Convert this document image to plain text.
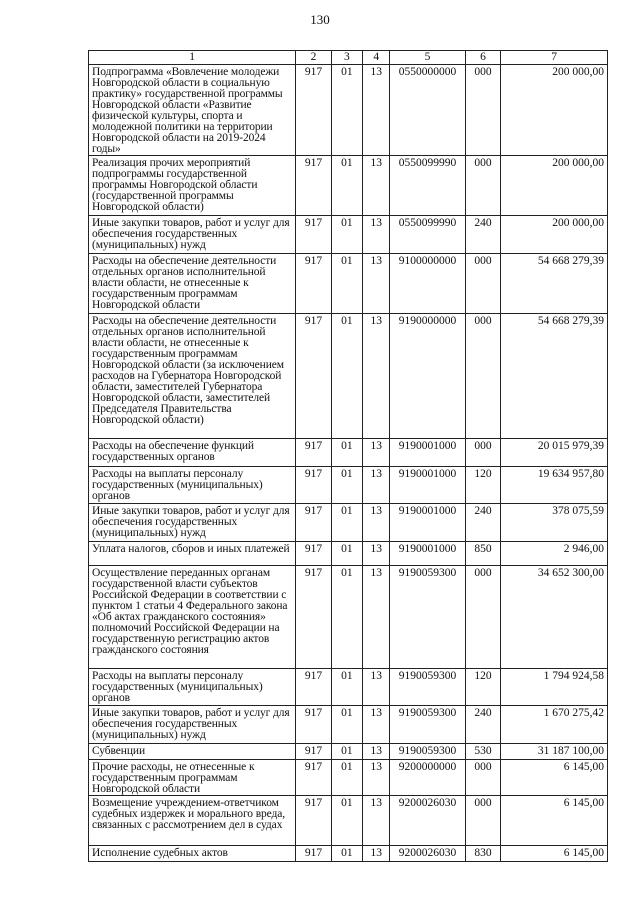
130
1	2	3	4	5	6	7
Подпрограмма «Вовлечение молодежи Новгородской области в социальную практику» государственной программы Новгородской области «Развитие физической культуры, спорта и молодежной политики на территории Новгородской области на 2019-2024 годы»	917	01	13	0550000000	000	200 000,00
Реализация прочих мероприятий подпрограммы государственной программы Новгородской области (государственной программы Новгородской области)	917	01	13	0550099990	000	200 000,00
Иные закупки товаров, работ и услуг для обеспечения государственных (муниципальных) нужд	917	01	13	0550099990	240	200 000,00
Расходы на обеспечение деятельности отдельных органов исполнительной власти области, не отнесенные к государственным программам Новгородской области	917	01	13	9100000000	000	54 668 279,39
Расходы на обеспечение деятельности отдельных органов исполнительной власти области, не отнесенные к государственным программам Новгородской области (за исключением расходов на Губернатора Новгородской области, заместителей Губернатора Новгородской области, заместителей Председателя Правительства Новгородской области)	917	01	13	9190000000	000	54 668 279,39
Расходы на обеспечение функций государственных органов	917	01	13	9190001000	000	20 015 979,39
Расходы на выплаты персоналу государственных (муниципальных) органов	917	01	13	9190001000	120	19 634 957,80
Иные закупки товаров, работ и услуг для обеспечения государственных (муниципальных) нужд	917	01	13	9190001000	240	378 075,59
Уплата налогов, сборов и иных платежей	917	01	13	9190001000	850	2 946,00
Осуществление переданных органам государственной власти субъектов Российской Федерации в соответствии с пунктом 1 статьи 4 Федерального закона «Об актах гражданского состояния» полномочий Российской Федерации на государственную регистрацию актов гражданского состояния	917	01	13	9190059300	000	34 652 300,00
Расходы на выплаты персоналу государственных (муниципальных) органов	917	01	13	9190059300	120	1 794 924,58
Иные закупки товаров, работ и услуг для обеспечения государственных (муниципальных) нужд	917	01	13	9190059300	240	1 670 275,42
Субвенции	917	01	13	9190059300	530	31 187 100,00
Прочие расходы, не отнесенные к государственным программам Новгородской области	917	01	13	9200000000	000	6 145,00
Возмещение учреждением-ответчиком судебных издержек и морального вреда, связанных с рассмотрением дел в судах	917	01	13	9200026030	000	6 145,00
Исполнение судебных актов	917	01	13	9200026030	830	6 145,00
